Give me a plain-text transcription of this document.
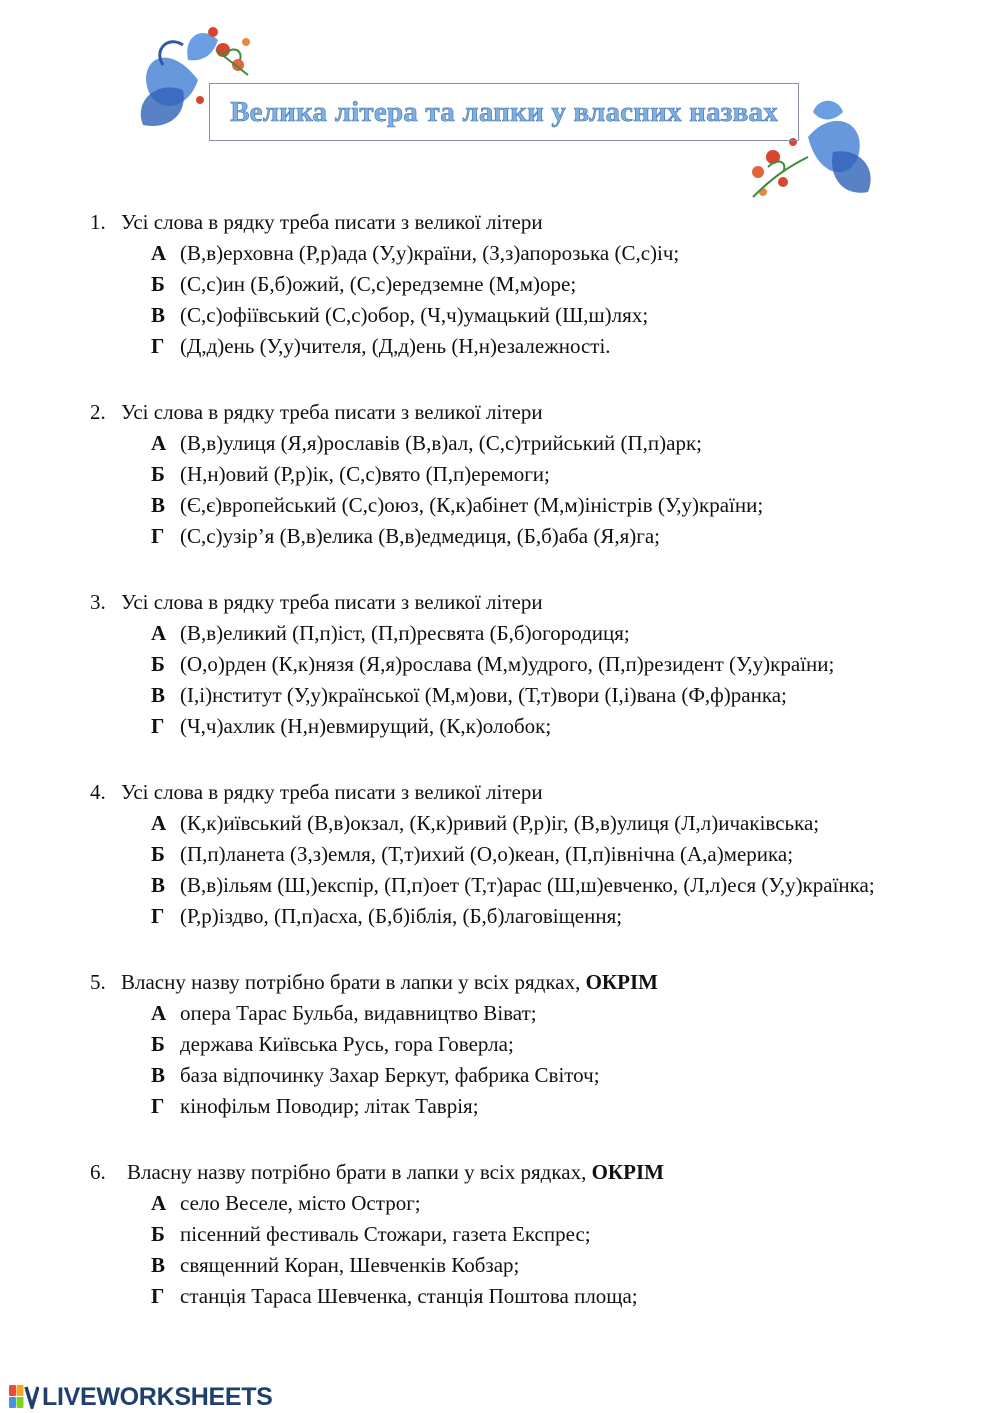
Велика літера та лапки у власних назвах
1. Усі слова в рядку треба писати з великої літери
А (В,в)ерховна (Р,р)ада (У,у)країни, (З,з)апорозька (С,с)іч;
Б (С,с)ин (Б,б)ожий, (С,с)ередземне (М,м)оре;
В (С,с)офіївський (С,с)обор, (Ч,ч)умацький (Ш,ш)лях;
Г (Д,д)ень (У,у)чителя, (Д,д)ень (Н,н)езалежності.
2. Усі слова в рядку треба писати з великої літери
А (В,в)улиця (Я,я)рославів (В,в)ал, (С,с)трийський (П,п)арк;
Б (Н,н)овий (Р,р)ік, (С,с)вято (П,п)еремоги;
В (Є,є)вропейський (С,с)оюз, (К,к)абінет (М,м)іністрів (У,у)країни;
Г (С,с)узір’я (В,в)елика (В,в)едмедиця, (Б,б)аба (Я,я)га;
3. Усі слова в рядку треба писати з великої літери
А (В,в)еликий (П,п)іст, (П,п)ресвята (Б,б)огородиця;
Б (О,о)рден (К,к)нязя (Я,я)рослава (М,м)удрого, (П,п)резидент (У,у)країни;
В (І,і)нститут (У,у)країнської (М,м)ови, (Т,т)вори (І,і)вана (Ф,ф)ранка;
Г (Ч,ч)ахлик (Н,н)евмирущий, (К,к)олобок;
4. Усі слова в рядку треба писати з великої літери
А (К,к)иївський (В,в)окзал, (К,к)ривий (Р,р)іг, (В,в)улиця (Л,л)ичаківська;
Б (П,п)ланета (З,з)емля, (Т,т)ихий (О,о)кеан, (П,п)івнічна (А,а)мерика;
В (В,в)ільям (Ш,)експір, (П,п)оет (Т,т)арас (Ш,ш)евченко, (Л,л)еся (У,у)країнка;
Г (Р,р)іздво, (П,п)асха, (Б,б)іблія, (Б,б)лаговіщення;
5. Власну назву потрібно брати в лапки у всіх рядках, ОКРІМ
А опера Тарас Бульба, видавництво Віват;
Б держава Київська Русь, гора Говерла;
В база відпочинку Захар Беркут, фабрика Світоч;
Г кінофільм Поводир; літак Таврія;
6.	Власну назву потрібно брати в лапки у всіх рядках, ОКРІМ
А село Веселе, місто Острог;
Б пісенний фестиваль Стожари, газета Експрес;
В священний Коран, Шевченків Кобзар;
Г станція Тараса Шевченка, станція Поштова площа;
LIVEWORKSHEETS
